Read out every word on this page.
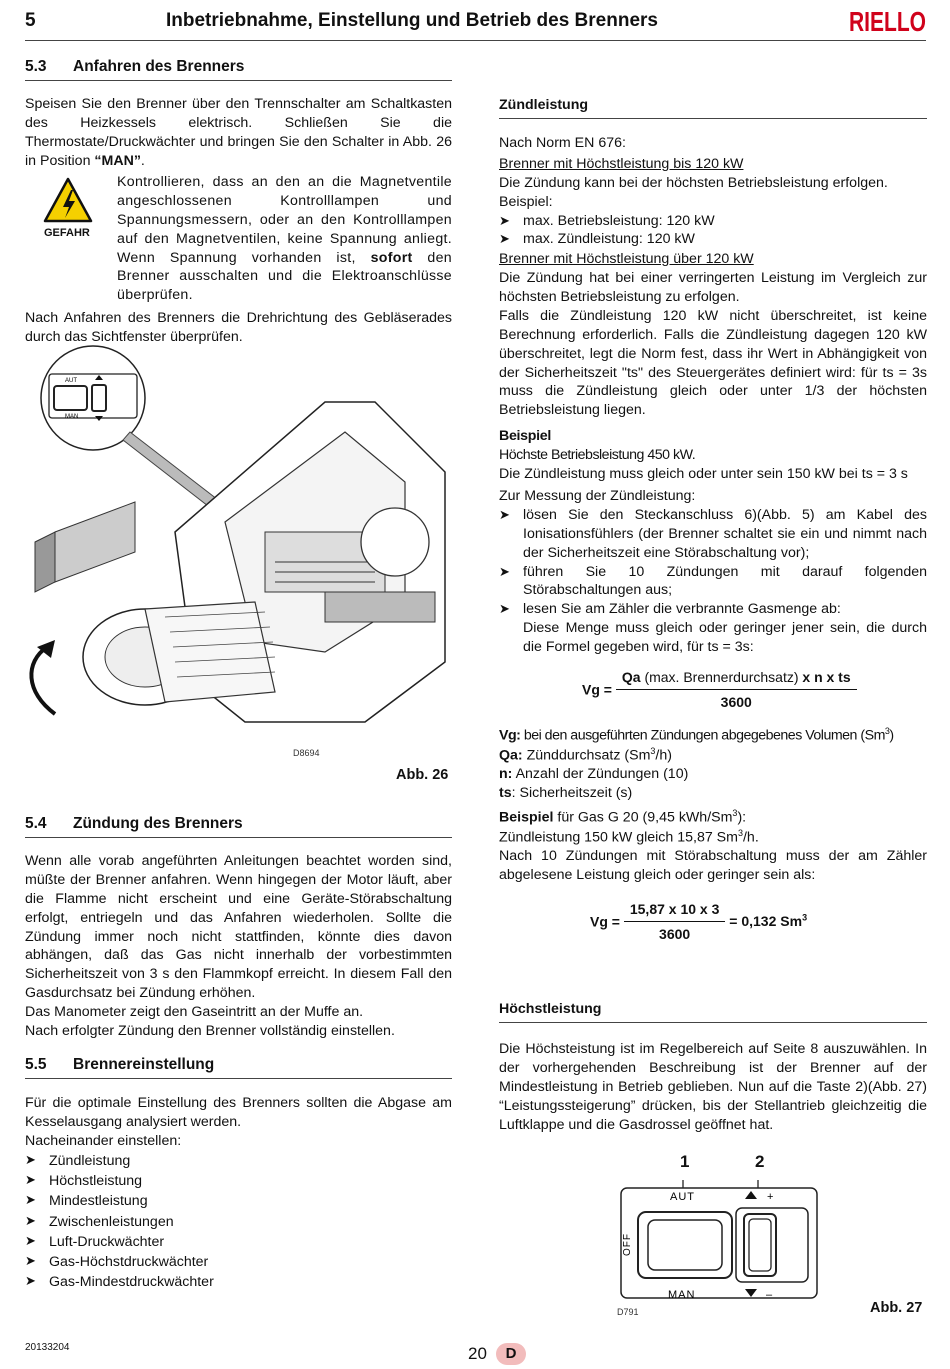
5	Inbetriebnahme, Einstellung und Betrieb des Brenners	RIELLO
5.3 Anfahren des Brenners

Speisen Sie den Brenner über den Trennschalter am Schaltkasten des Heizkessels elektrisch. Schließen Sie die Thermostate/Druckwächter und bringen Sie den Schalter in Abb. 26 in Position “MAN”.

GEFAHR

Kontrollieren, dass an den an die Magnetventile angeschlossenen Kontrolllampen und Spannungsmessern, oder an den Kontrolllampen auf den Magnetventilen, keine Spannung anliegt. Wenn Spannung vorhanden ist, sofort den Brenner ausschalten und die Elektroanschlüsse überprüfen.

Nach Anfahren des Brenners die Drehrichtung des Gebläserades durch das Sichtfenster überprüfen.

AUT
MAN
D8694
Abb. 26
5.4 Zündung des Brenners

Wenn alle vorab angeführten Anleitungen beachtet worden sind, müßte der Brenner anfahren. Wenn hingegen der Motor läuft, aber die Flamme nicht erscheint und eine Geräte-Störabschaltung erfolgt, entriegeln und das Anfahren wiederholen. Sollte die Zündung immer noch nicht stattfinden, könnte dies davon abhängen, daß das Gas nicht innerhalb der vorbestimmten Sicherheitszeit von 3 s den Flammkopf erreicht. In diesem Fall den Gasdurchsatz bei Zündung erhöhen.

Das Manometer zeigt den Gaseintritt an der Muffe an.

Nach erfolgter Zündung den Brenner vollständig einstellen.

5.5 Brennereinstellung

Für die optimale Einstellung des Brenners sollten die Abgase am Kesselausgang analysiert werden.

Nacheinander einstellen:

➤ Zündleistung
➤ Höchstleistung
➤ Mindestleistung
➤ Zwischenleistungen
➤ Luft-Druckwächter
➤ Gas-Höchstdruckwächter
➤ Gas-Mindestdruckwächter
Zündleistung

Nach Norm EN 676:

Brenner mit Höchstleistung bis 120 kW

Die Zündung kann bei der höchsten Betriebsleistung erfolgen.

Beispiel:

➤ max. Betriebsleistung: 120 kW
➤ max. Zündleistung: 120 kW

Brenner mit Höchstleistung über 120 kW

Die Zündung hat bei einer verringerten Leistung im Vergleich zur höchsten Betriebsleistung zu erfolgen.

Falls die Zündleistung 120 kW nicht überschreitet, ist keine Berechnung erforderlich. Falls die Zündleistung dagegen 120 kW überschreitet, legt die Norm fest, dass ihr Wert in Abhängigkeit von der Sicherheitszeit "ts" des Steuergerätes definiert wird: für ts = 3s muss die Zündleistung gleich oder unter 1/3 der höchsten Betriebsleistung liegen.

Beispiel

Höchste Betriebsleistung 450 kW.

Die Zündleistung muss gleich oder unter sein 150 kW bei ts = 3 s

Zur Messung der Zündleistung:

➤ lösen Sie den Steckanschluss 6)(Abb. 5) am Kabel des Ionisationsfühlers (der Brenner schaltet sie ein und nimmt nach der Sicherheitszeit eine Störabschaltung vor);
➤ führen Sie 10 Zündungen mit darauf folgenden Störabschaltungen aus;
➤ lesen Sie am Zähler die verbrannte Gasmenge ab:

Diese Menge muss gleich oder geringer jener sein, die durch die Formel gegeben wird, für ts = 3s:

$Vg = \frac{\text{Qa (max. Brennerdurchsatz) x n x ts}}{3600}$

Vg: bei den ausgeführten Zündungen abgegebenes Volumen (Sm$^3$)

Qa: Zünddurchsatz (Sm$^3$/h)

n: Anzahl der Zündungen (10)

ts: Sicherheitszeit (s)

Beispiel für Gas G 20 (9,45 kWh/Sm$^3$):

Zündleistung 150 kW gleich 15,87 Sm$^3$/h.

Nach 10 Zündungen mit Störabschaltung muss der am Zähler abgelesene Leistung gleich oder geringer sein als:

$Vg = \frac{15,87 x 10 x 3}{3600} = 0,132$ Sm$^3$
Höchstleistung

Die Höchsteistung ist im Regelbereich auf Seite 8 auszuwählen. In der vorhergehenden Beschreibung ist der Brenner auf der Mindestleistung in Betrieb geblieben. Nun auf die Taste 2)(Abb. 27) “Leistungssteigerung” drücken, bis der Stellantrieb gleichzeitig die Luftklappe und die Gasdrossel geöffnet hat.

1	2
AUT	+
OFF
MAN	–
D791	Abb. 27
20133204	20	D
